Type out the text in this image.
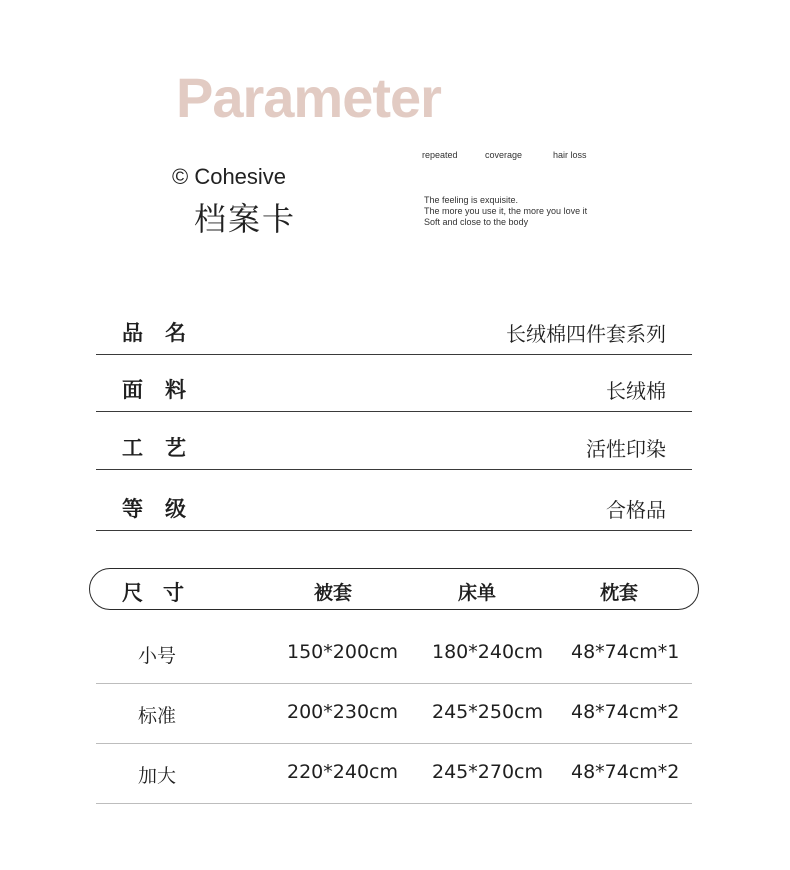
Parameter
© Cohesive
档案卡
repeated	coverage	hair loss
The feeling is exquisite.
The more you use it, the more you love it
Soft and close to the body
品名	长绒棉四件套系列
面料	长绒棉
工艺	活性印染
等级	合格品
尺寸	被套	床单	枕套
小号	150*200cm 180*240cm 48*74cm*1
标准	200*230cm 245*250cm 48*74cm*2
加大	220*240cm 245*270cm 48*74cm*2
